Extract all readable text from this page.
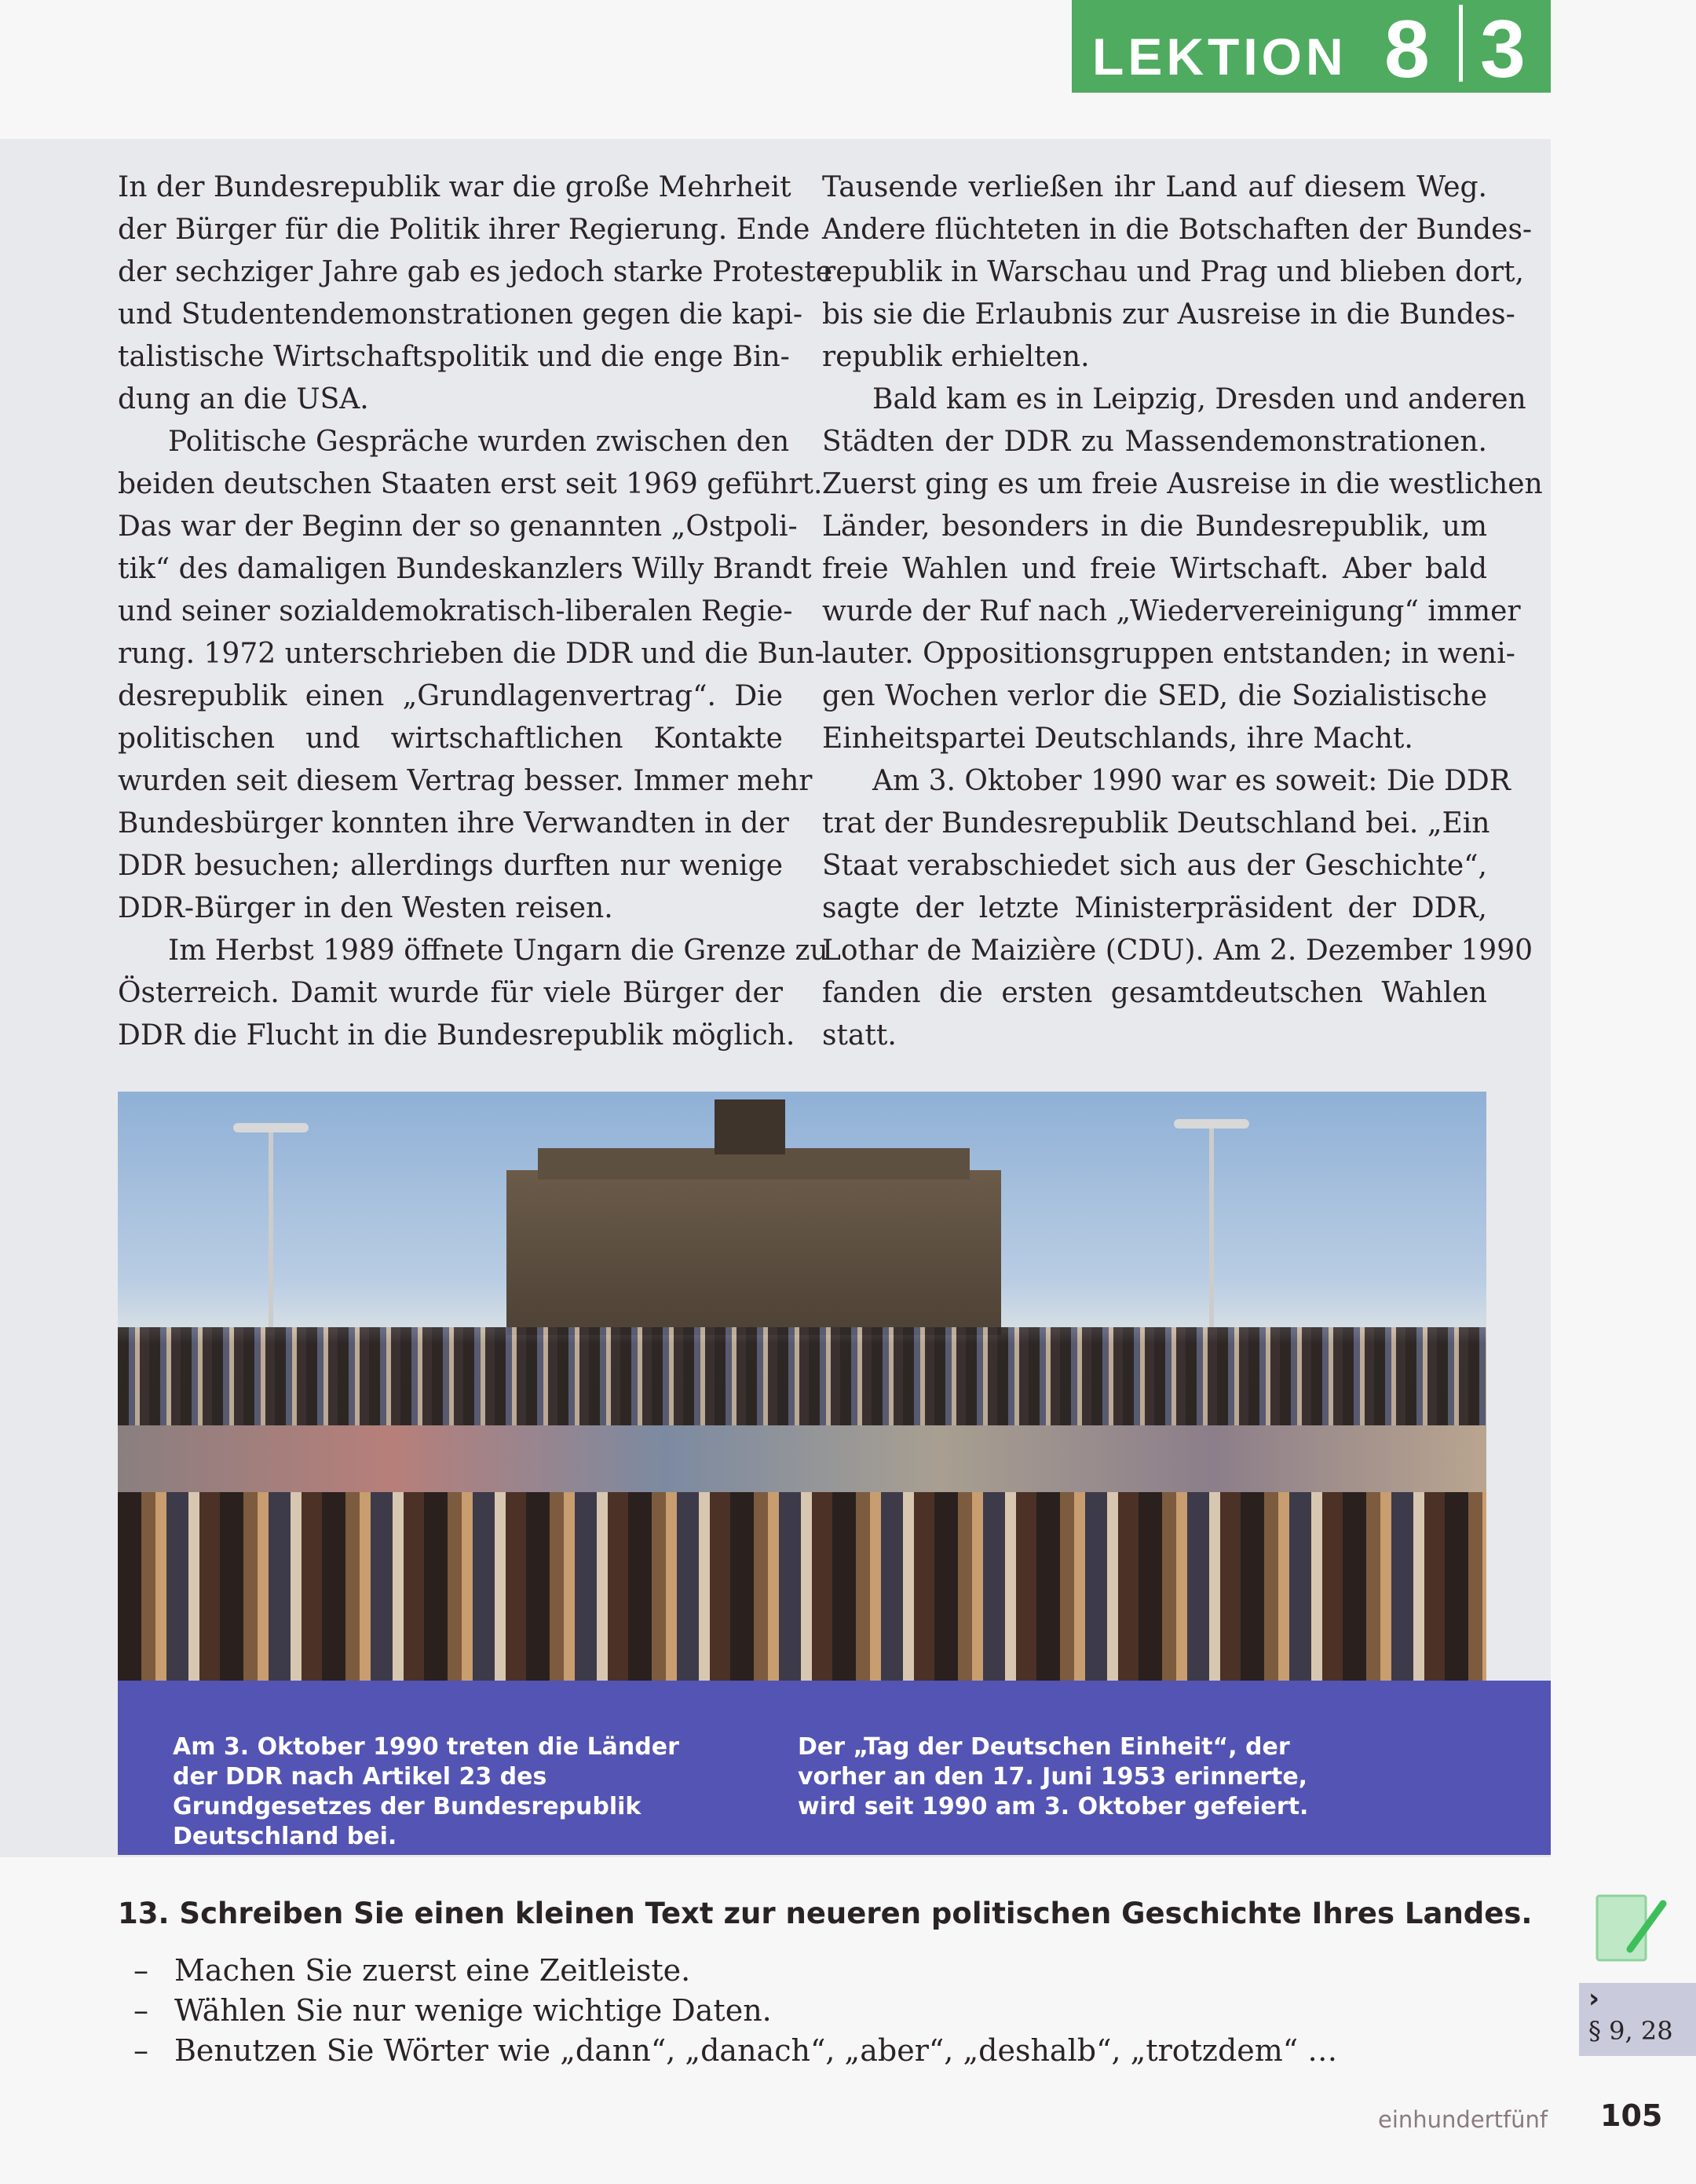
LEKTION 8 3
In der Bundesrepublik war die große Mehrheit
der Bürger für die Politik ihrer Regierung. Ende
der sechziger Jahre gab es jedoch starke Proteste
und Studentendemonstrationen gegen die kapi-
talistische Wirtschaftspolitik und die enge Bin-
dung an die USA.
Politische Gespräche wurden zwischen den
beiden deutschen Staaten erst seit 1969 geführt.
Das war der Beginn der so genannten „Ostpoli-
tik“ des damaligen Bundeskanzlers Willy Brandt
und seiner sozialdemokratisch-liberalen Regie-
rung. 1972 unterschrieben die DDR und die Bun-
desrepublik einen „Grundlagenvertrag“. Die
politischen und wirtschaftlichen Kontakte
wurden seit diesem Vertrag besser. Immer mehr
Bundesbürger konnten ihre Verwandten in der
DDR besuchen; allerdings durften nur wenige
DDR-Bürger in den Westen reisen.
Im Herbst 1989 öffnete Ungarn die Grenze zu
Österreich. Damit wurde für viele Bürger der
DDR die Flucht in die Bundesrepublik möglich.
Tausende verließen ihr Land auf diesem Weg.
Andere flüchteten in die Botschaften der Bundes-
republik in Warschau und Prag und blieben dort,
bis sie die Erlaubnis zur Ausreise in die Bundes-
republik erhielten.
Bald kam es in Leipzig, Dresden und anderen
Städten der DDR zu Massendemonstrationen.
Zuerst ging es um freie Ausreise in die westlichen
Länder, besonders in die Bundesrepublik, um
freie Wahlen und freie Wirtschaft. Aber bald
wurde der Ruf nach „Wiedervereinigung“ immer
lauter. Oppositionsgruppen entstanden; in weni-
gen Wochen verlor die SED, die Sozialistische
Einheitspartei Deutschlands, ihre Macht.
Am 3. Oktober 1990 war es soweit: Die DDR
trat der Bundesrepublik Deutschland bei. „Ein
Staat verabschiedet sich aus der Geschichte“,
sagte der letzte Ministerpräsident der DDR,
Lothar de Maizière (CDU). Am 2. Dezember 1990
fanden die ersten gesamtdeutschen Wahlen
statt.
Am 3. Oktober 1990 treten die Länder der DDR nach Artikel 23 des Grundgesetzes der Bundesrepublik Deutschland bei.
Der „Tag der Deutschen Einheit“, der vorher an den 17. Juni 1953 erinnerte, wird seit 1990 am 3. Oktober gefeiert.
13. Schreiben Sie einen kleinen Text zur neueren politischen Geschichte Ihres Landes.
– Machen Sie zuerst eine Zeitleiste.
– Wählen Sie nur wenige wichtige Daten.
– Benutzen Sie Wörter wie „dann“, „danach“, „aber“, „deshalb“, „trotzdem“ …
›
§ 9, 28
einhundertfünf 105
